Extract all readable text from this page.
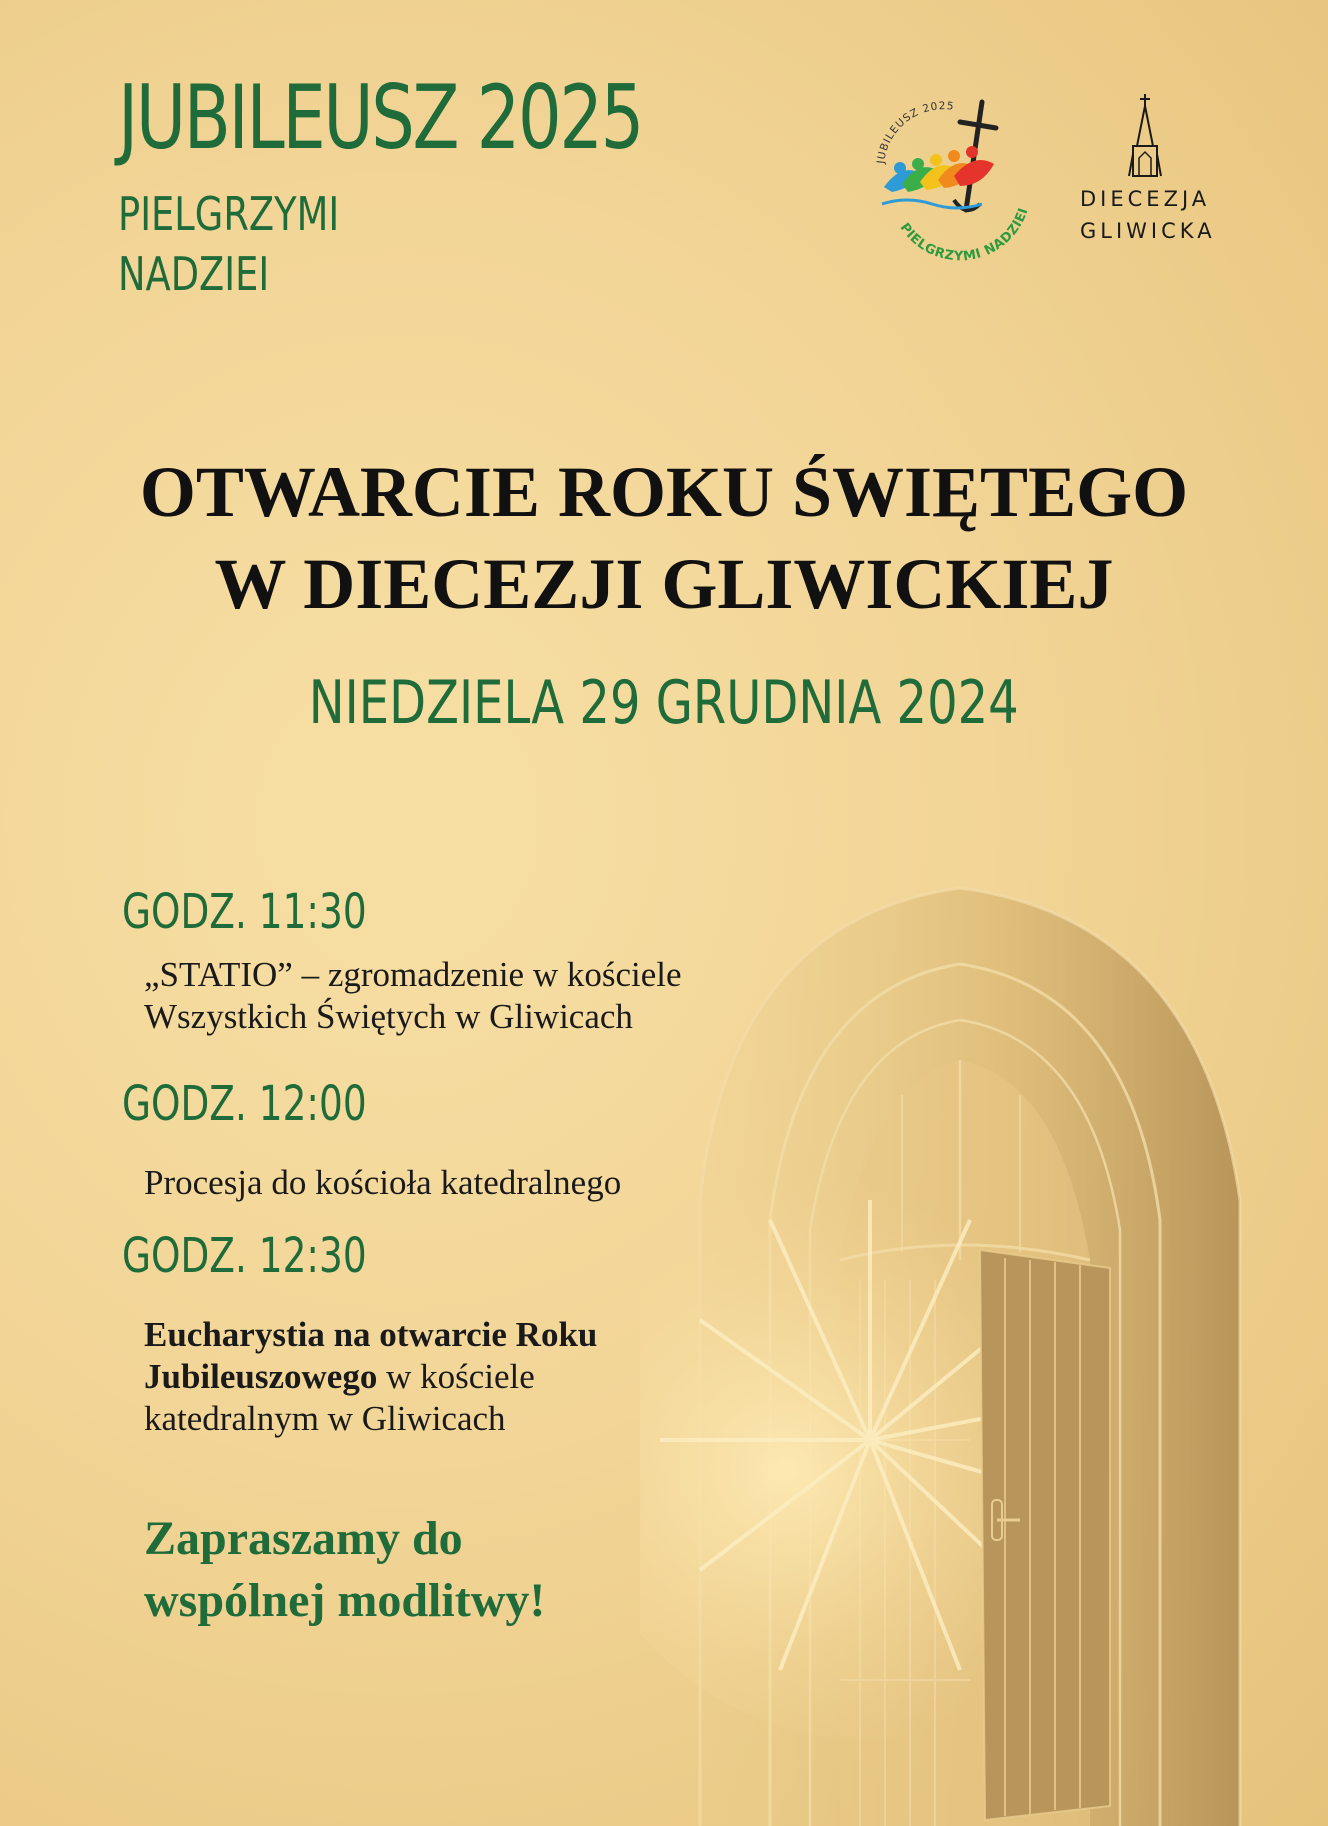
JUBILEUSZ 2025
PIELGRZYMI
NADZIEI
JUBILEUSZ 2025
PIELGRZYMI NADZIEI DIECEZJA
GLIWICKA
OTWARCIE ROKU ŚWIĘTEGO
W DIECEZJI GLIWICKIEJ
NIEDZIELA 29 GRUDNIA 2024
GODZ. 11:30
„STATIO” – zgromadzenie w kościele
Wszystkich Świętych w Gliwicach
GODZ. 12:00
Procesja do kościoła katedralnego
GODZ. 12:30
Eucharystia na otwarcie Roku
Jubileuszowego w kościele
katedralnym w Gliwicach
Zapraszamy do
wspólnej modlitwy!
